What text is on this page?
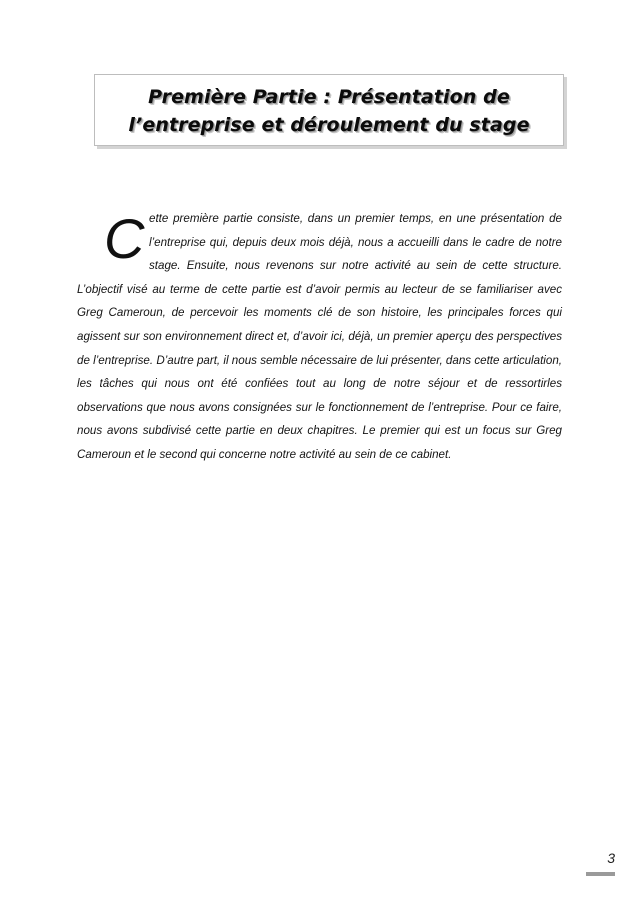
Première Partie : Présentation de
l’entreprise et déroulement du stage

Cette première partie consiste, dans un premier temps, en une présentation de l’entreprise qui, depuis deux mois déjà, nous a accueilli dans le cadre de notre stage. Ensuite, nous revenons sur notre activité au sein de cette structure. L’objectif visé au terme de cette partie est d’avoir permis au lecteur de se familiariser avec Greg Cameroun, de percevoir les moments clé de son histoire, les principales forces qui agissent sur son environnement direct et, d’avoir ici, déjà, un premier aperçu des perspectives de l’entreprise. D’autre part, il nous semble nécessaire de lui présenter, dans cette articulation, les tâches qui nous ont été confiées tout au long de notre séjour et de ressortirles observations que nous avons consignées sur le fonctionnement de l’entreprise. Pour ce faire, nous avons subdivisé cette partie en deux chapitres. Le premier qui est un focus sur Greg Cameroun et le second qui concerne notre activité au sein de ce cabinet.

3
